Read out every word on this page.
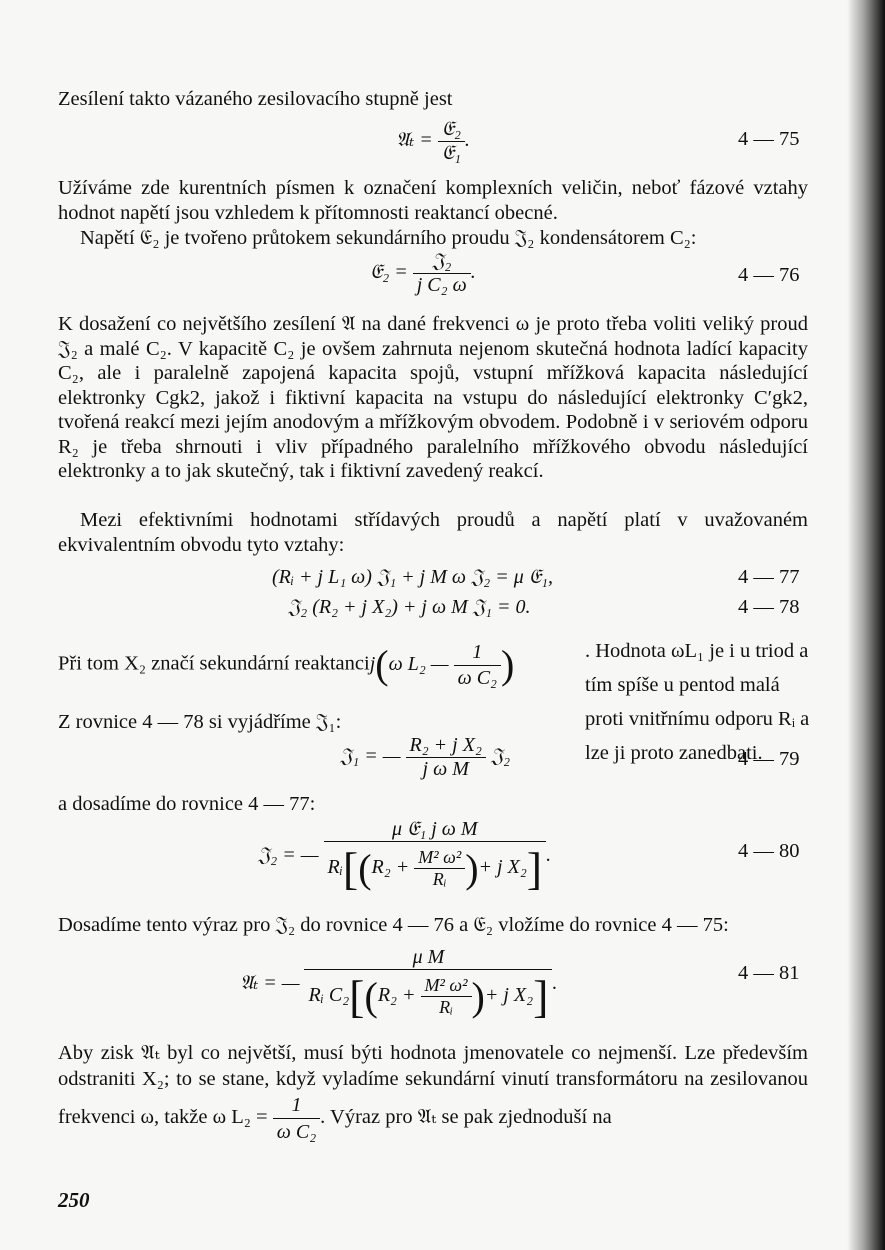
Zesílení takto vázaného zesilovacího stupně jest
𝔄ₜ = $\frac{\text{𝔈₂}}{\text{𝔈₁}}$ .	4 — 75
Užíváme zde kurentních písmen k označení komplexních veličin, neboť fázové vztahy hodnot napětí jsou vzhledem k přítomnosti reaktancí obecné.
Napětí 𝔈₂ je tvořeno průtokem sekundárního proudu 𝔍₂ kondensátorem C₂:
𝔈₂ = $\frac{\text{𝔍₂}}{\text{j C₂ ω}}$ .	4 — 76
K dosažení co největšího zesílení 𝔄 na dané frekvenci ω je proto třeba voliti veliký proud 𝔍₂ a malé C₂. V kapacitě C₂ je ovšem zahrnuta nejenom skutečná hodnota ladící kapacity C₂, ale i paralelně zapojená kapacita spojů, vstupní mřížková kapacita následující elektronky Cgk2, jakož i fiktivní kapacita na vstupu do následující elektronky C′gk2, tvořená reakcí mezi jejím anodovým a mřížkovým obvodem. Podobně i v seriovém odporu R₂ je třeba shrnouti i vliv případného paralelního mřížkového obvodu následující elektronky a to jak skutečný, tak i fiktivní zavedený reakcí.
Mezi efektivními hodnotami střídavých proudů a napětí platí v uvažovaném ekvivalentním obvodu tyto vztahy:
(Rᵢ + j L₁ ω) 𝔍₁ + j M ω 𝔍₂ = μ 𝔈₁,	4 — 77
𝔍₂ (R₂ + j X₂) + j ω M 𝔍₁ = 0.	4 — 78
Při tom X₂ značí sekundární reaktancij(ω L₂ — $\frac{1}{\text{ω C₂}}$ )	. Hodnota ωL₁ je i u triod a tím spíše u pentod malá proti vnitřnímu odporu Rᵢ a lze ji proto zanedbati.
Z rovnice 4 — 78 si vyjádříme 𝔍₁:
𝔍₁ = — $\frac{\text{R₂ + j X₂}}{\text{j ω M}}$ 𝔍₂	4 — 79
a dosadíme do rovnice 4 — 77:
𝔍₂ = — $\frac{\text{μ 𝔈₁ j ω M}}{Rᵢ[(R_2 + \frac{\text{M² ω²}}{\text{Rᵢ}} )+ j X_2]}$ .	4 — 80
Dosadíme tento výraz pro 𝔍₂ do rovnice 4 — 76 a 𝔈₂ vložíme do rovnice 4 — 75:
𝔄ₜ = — $\frac{\text{μ M}}{Rᵢ C_2[(R_2 + \frac{\text{M² ω²}}{\text{Rᵢ}} )+ j X_2]}$ .	4 — 81
Aby zisk 𝔄ₜ byl co největší, musí býti hodnota jmenovatele co nejmenší. Lze především odstraniti X₂; to se stane, když vyladíme sekundární vinutí transformátoru na zesilovanou frekvenci ω, takže ω $L_2 = \frac{1}{\text{ω C₂}}$ . Výraz pro 𝔄ₜ se pak zjednoduší na
250
